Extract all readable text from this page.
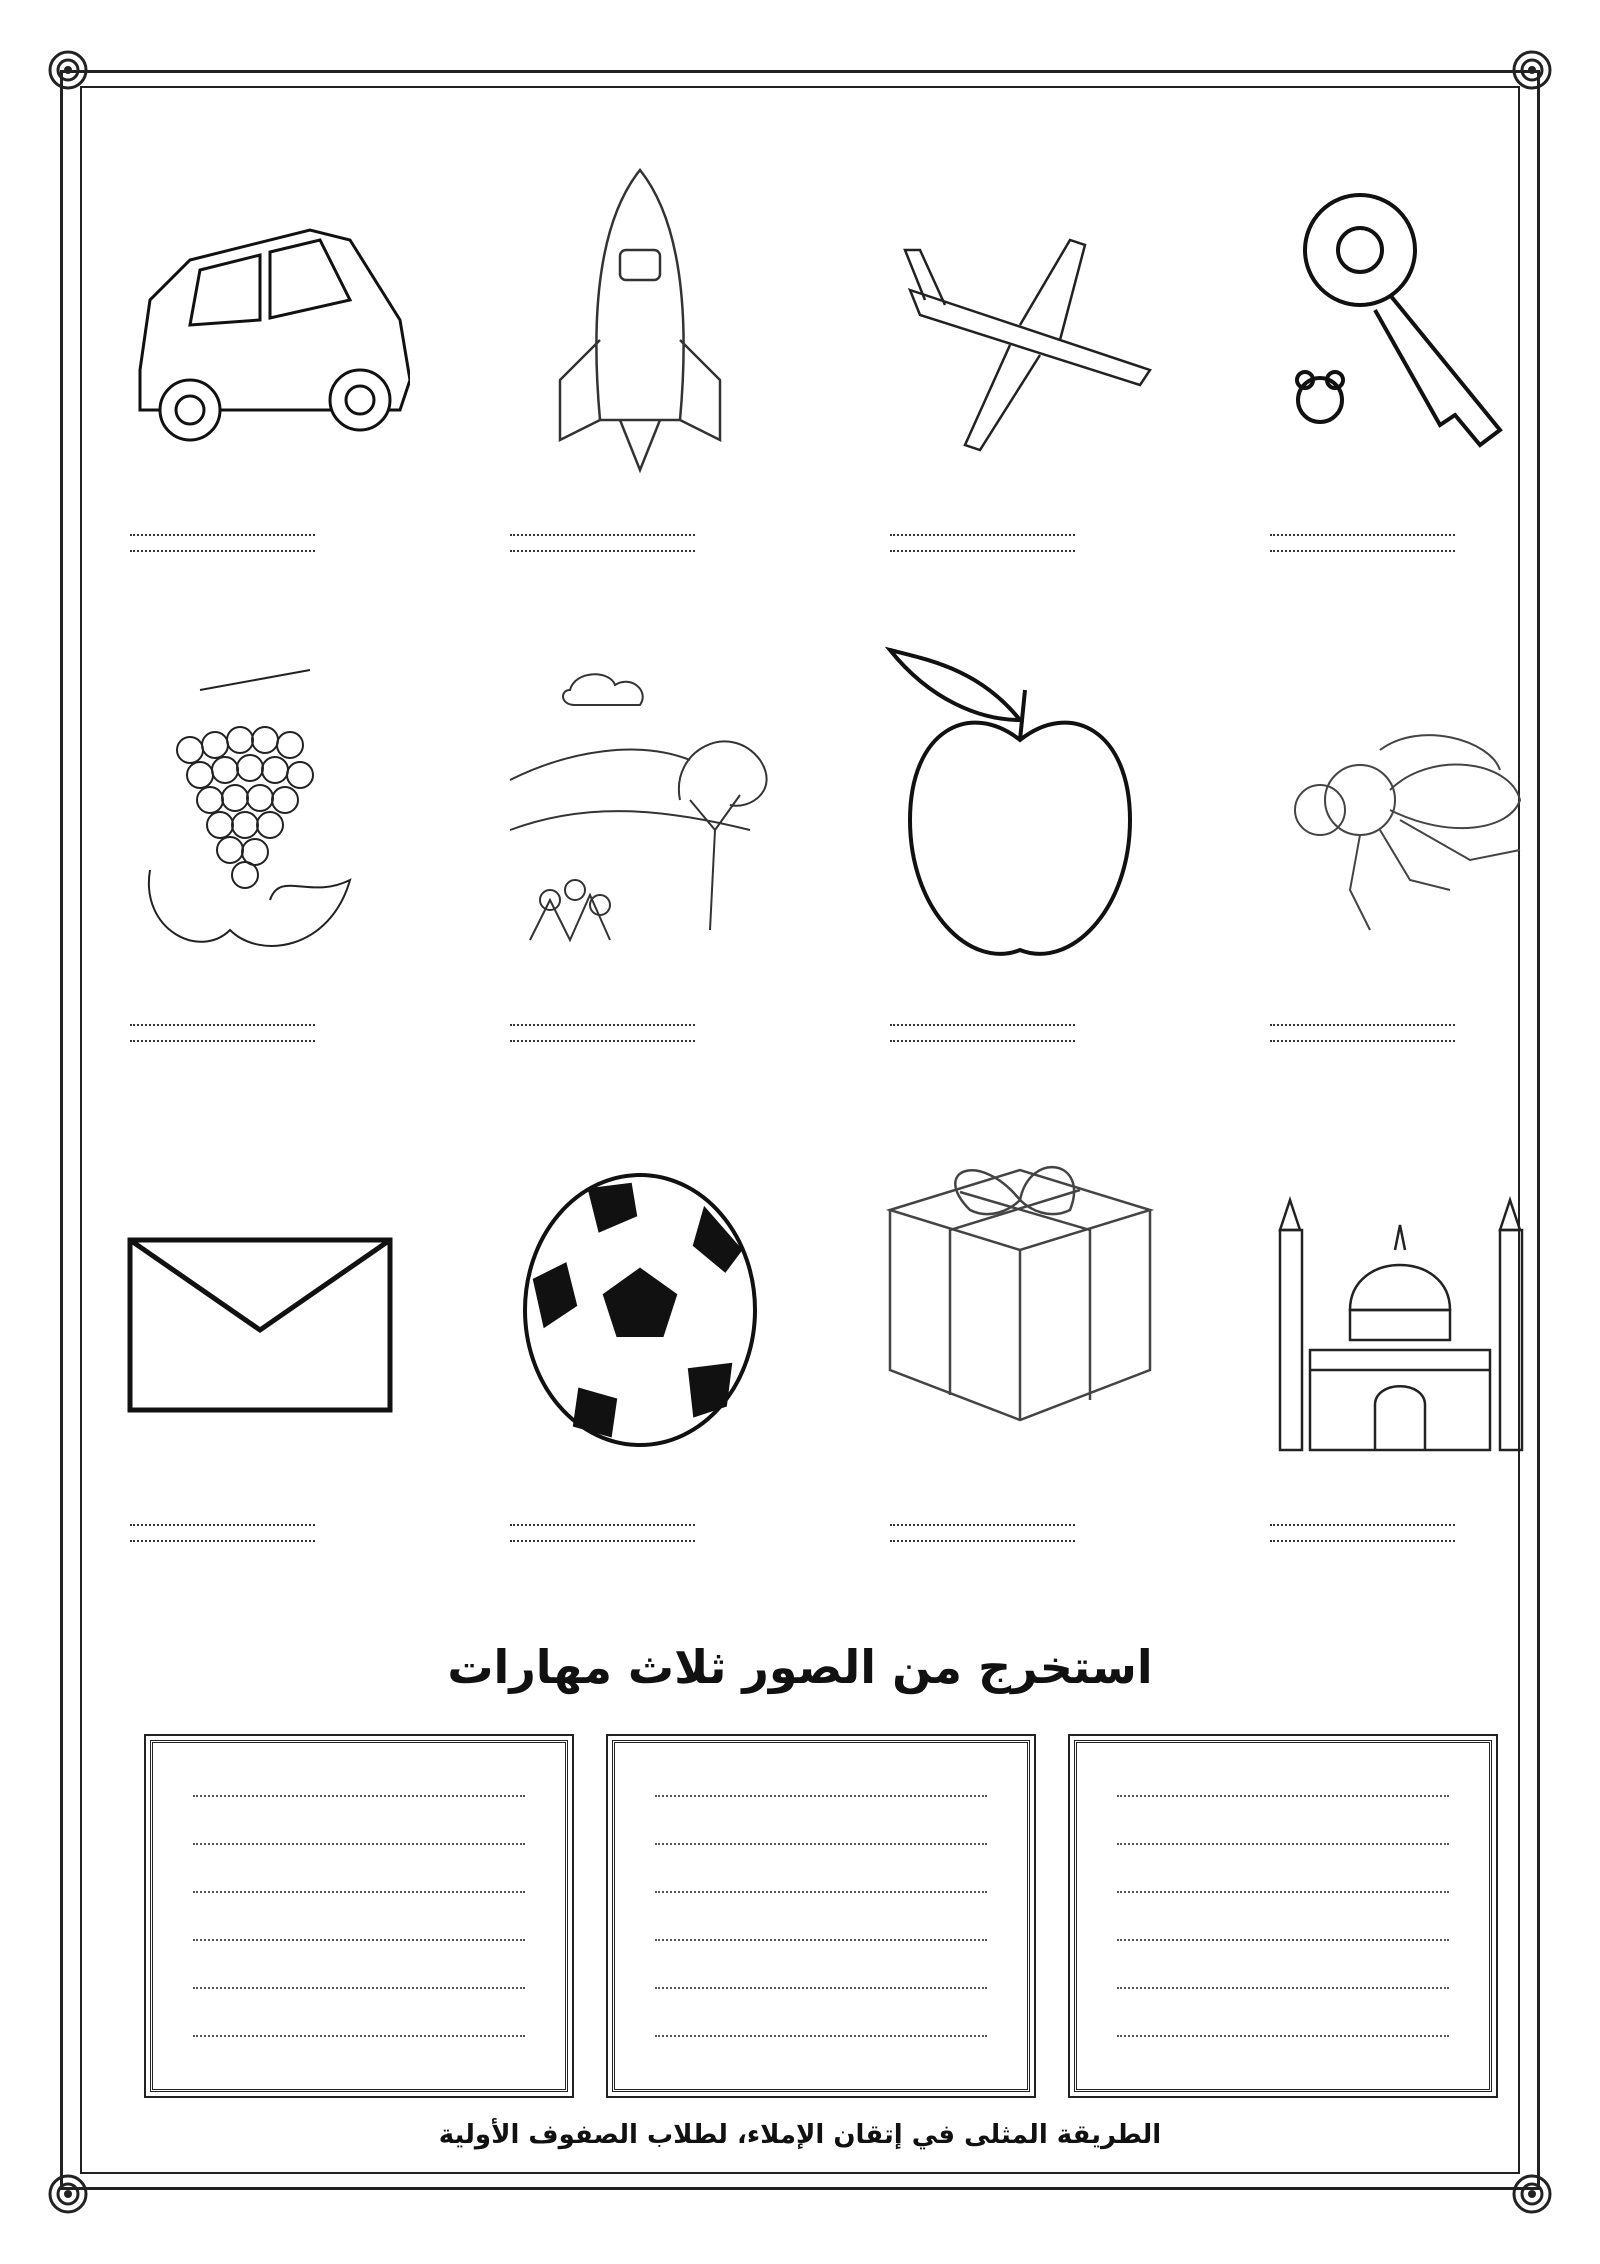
استخرج من الصور ثلاث مهارات
الطريقة المثلى في إتقان الإملاء، لطلاب الصفوف الأولية
